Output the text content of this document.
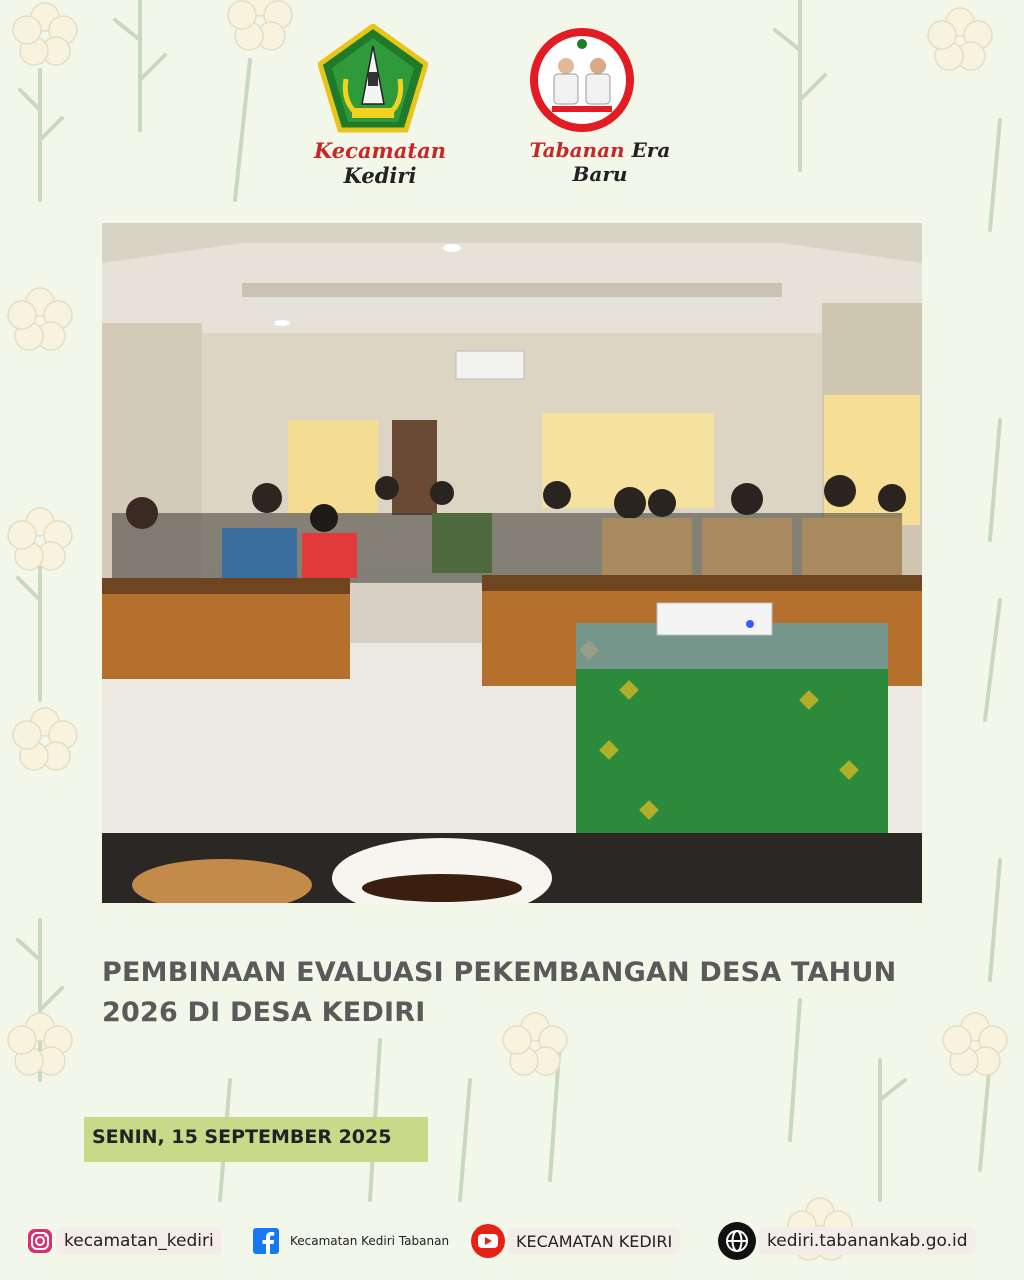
Kecamatan Kediri
Tabanan Era Baru
PEMBINAAN EVALUASI PEKEMBANGAN DESA TAHUN
2026 DI DESA KEDIRI
SENIN, 15 SEPTEMBER 2025
kecamatan_kediri	Kecamatan Kediri Tabanan	KECAMATAN KEDIRI	kediri.tabanankab.go.id
